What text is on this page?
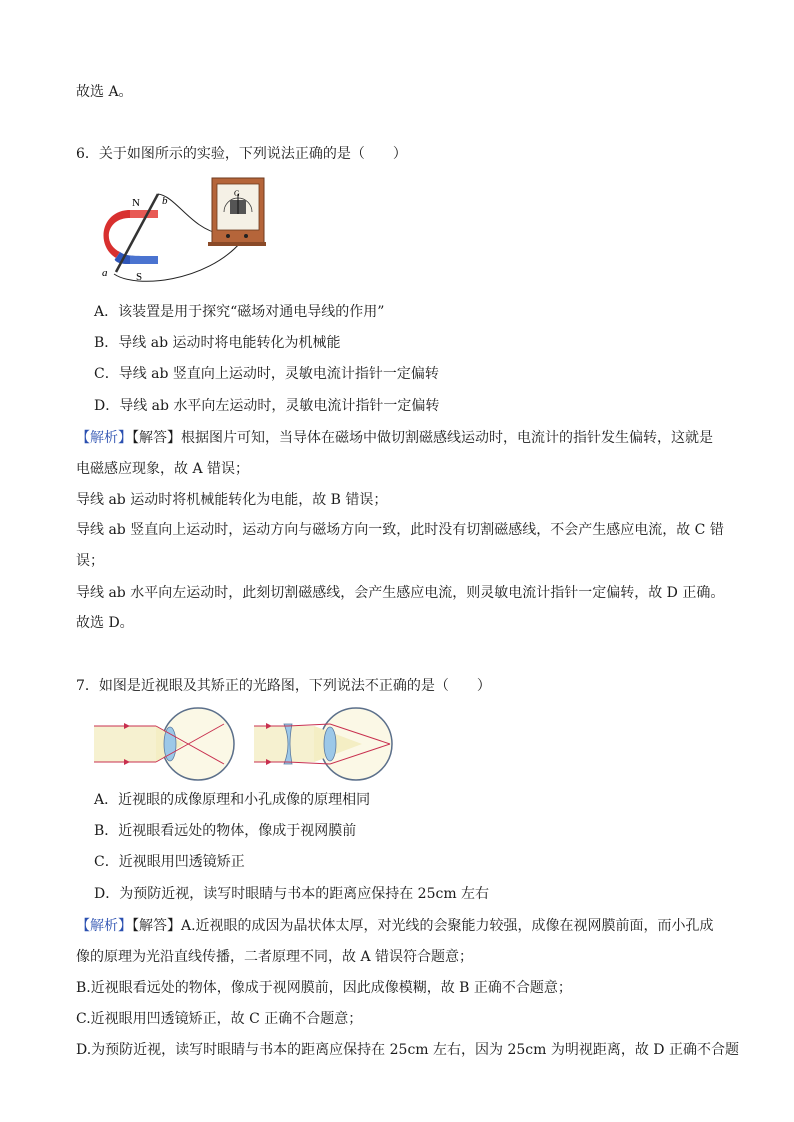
故选 A。
6．关于如图所示的实验，下列说法正确的是（　　）
N
S
b
a
G
A．该装置是用于探究“磁场对通电导线的作用”
B．导线 ab 运动时将电能转化为机械能
C．导线 ab 竖直向上运动时，灵敏电流计指针一定偏转
D．导线 ab 水平向左运动时，灵敏电流计指针一定偏转
【解析】【解答】根据图片可知，当导体在磁场中做切割磁感线运动时，电流计的指针发生偏转，这就是
电磁感应现象，故 A 错误；
导线 ab 运动时将机械能转化为电能，故 B 错误；
导线 ab 竖直向上运动时，运动方向与磁场方向一致，此时没有切割磁感线，不会产生感应电流，故 C 错
误；
导线 ab 水平向左运动时，此刻切割磁感线，会产生感应电流，则灵敏电流计指针一定偏转，故 D 正确。
故选 D。
7．如图是近视眼及其矫正的光路图，下列说法不正确的是（　　）
A．近视眼的成像原理和小孔成像的原理相同
B．近视眼看远处的物体，像成于视网膜前
C．近视眼用凹透镜矫正
D．为预防近视，读写时眼睛与书本的距离应保持在 25cm 左右
【解析】【解答】A.近视眼的成因为晶状体太厚，对光线的会聚能力较强，成像在视网膜前面，而小孔成
像的原理为光沿直线传播，二者原理不同，故 A 错误符合题意；
B.近视眼看远处的物体，像成于视网膜前，因此成像模糊，故 B 正确不合题意；
C.近视眼用凹透镜矫正，故 C 正确不合题意；
D.为预防近视，读写时眼睛与书本的距离应保持在 25cm 左右，因为 25cm 为明视距离，故 D 正确不合题
